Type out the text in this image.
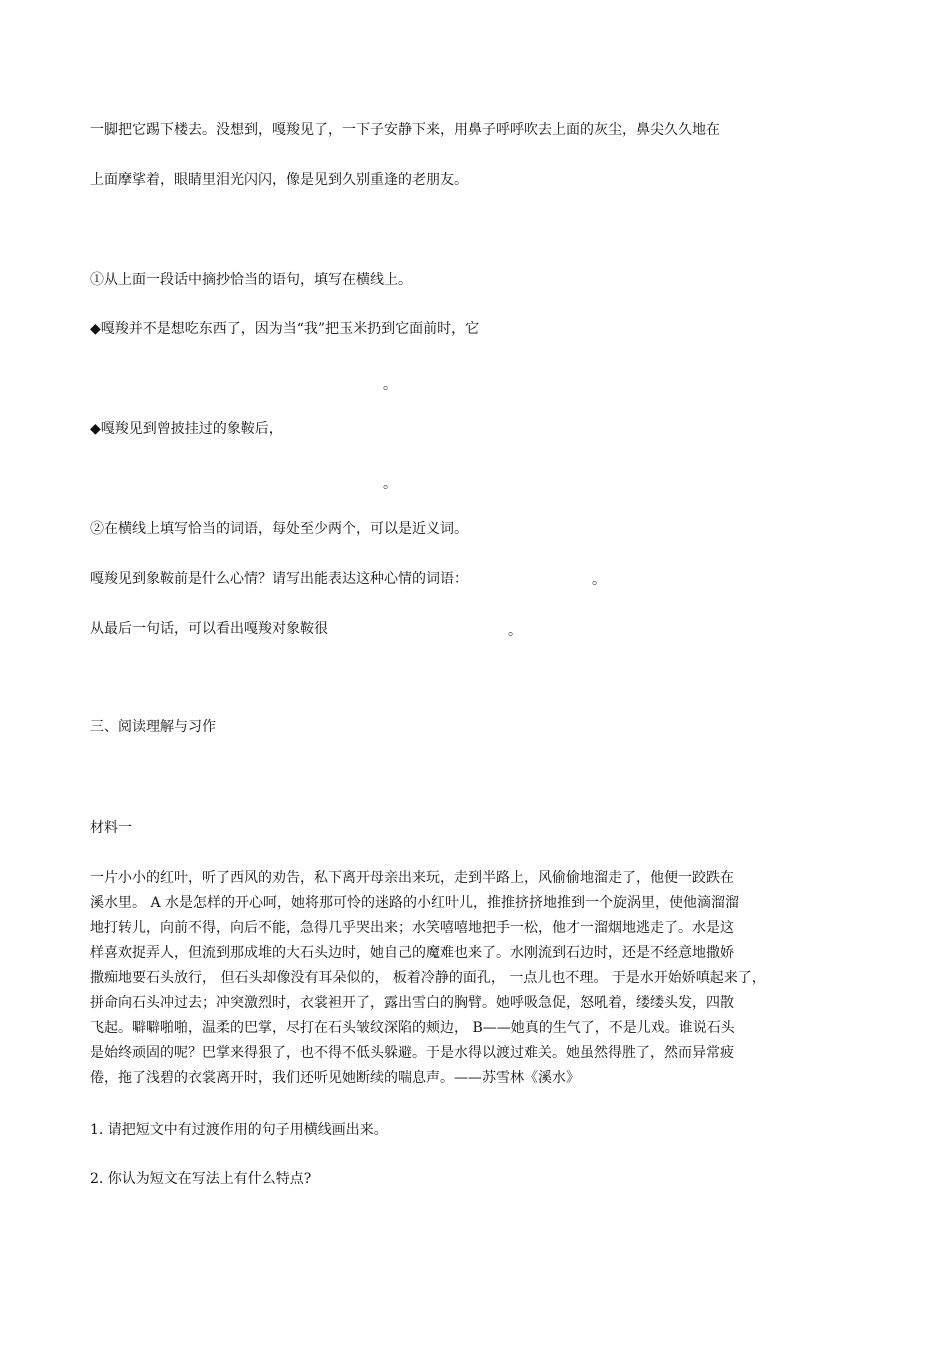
一脚把它踢下楼去。没想到，嘎羧见了，一下子安静下来，用鼻子呼呼吹去上面的灰尘，鼻尖久久地在

上面摩挲着，眼睛里泪光闪闪，像是见到久别重逢的老朋友。

①从上面一段话中摘抄恰当的语句，填写在横线上。

◆嘎羧并不是想吃东西了，因为当“我”把玉米扔到它面前时，它

。

◆嘎羧见到曾披挂过的象鞍后，

。

②在横线上填写恰当的词语，每处至少两个，可以是近义词。

嘎羧见到象鞍前是什么心情？请写出能表达这种心情的词语：	。

从最后一句话，可以看出嘎羧对象鞍很	。

三、阅读理解与习作

材料一

一片小小的红叶，听了西风的劝告，私下离开母亲出来玩，走到半路上，风偷偷地溜走了，他便一跤跌在

溪水里。 A 水是怎样的开心呵，她将那可怜的迷路的小红叶儿，推推挤挤地推到一个旋涡里，使他滴溜溜

地打转儿，向前不得，向后不能，急得几乎哭出来；水笑嘻嘻地把手一松，他才一溜烟地逃走了。水是这

样喜欢捉弄人，但流到那成堆的大石头边时，她自己的魔难也来了。水刚流到石边时，还是不经意地撒娇

撒痴地要石头放行， 但石头却像没有耳朵似的， 板着冷静的面孔， 一点儿也不理。 于是水开始娇嗔起来了，

拼命向石头冲过去；冲突激烈时，衣裳袒开了，露出雪白的胸臂。她呼吸急促，怒吼着，缕缕头发，四散

飞起。噼噼啪啪，温柔的巴掌，尽打在石头皱纹深陷的颊边， B——她真的生气了，不是儿戏。谁说石头

是始终顽固的呢？巴掌来得狠了，也不得不低头躲避。于是水得以渡过难关。她虽然得胜了，然而异常疲

倦，拖了浅碧的衣裳离开时，我们还听见她断续的喘息声。——苏雪林《溪水》

1. 请把短文中有过渡作用的句子用横线画出来。

2. 你认为短文在写法上有什么特点?
